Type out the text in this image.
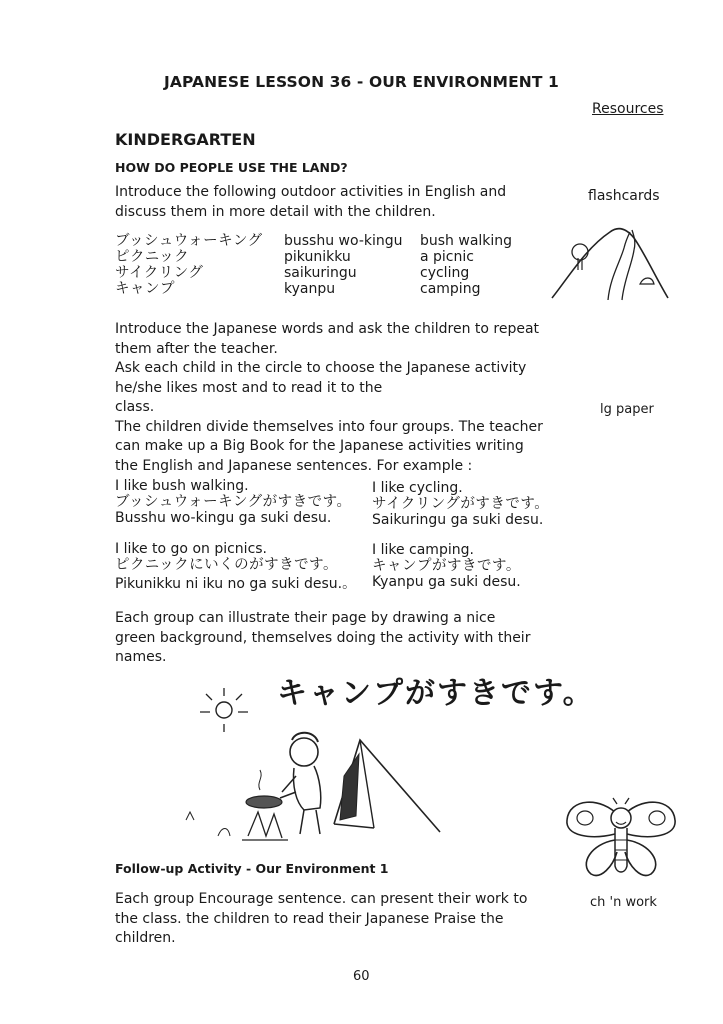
JAPANESE LESSON 36 - OUR ENVIRONMENT 1
Resources
KINDERGARTEN
HOW DO PEOPLE USE THE LAND?
Introduce the following outdoor activities in English and
discuss them in more detail with the children.
ブッシュウォーキング
ピクニック
サイクリング
キャンプ
busshu wo-kingu
pikunikku
saikuringu
kyanpu
bush walking
a picnic
cycling
camping
Introduce the Japanese words and ask the children to repeat
them after the teacher.
Ask each child in the circle to choose the Japanese activity
he/she likes most and to read it to the
class.
The children divide themselves into four groups. The teacher
can make up a Big Book for the Japanese activities writing
the English and Japanese sentences. For example :
I like bush walking.
ブッシュウォーキングがすきです。
Busshu wo-kingu ga suki desu.
I like cycling.
サイクリングがすきです。
Saikuringu ga suki desu.
I like to go on picnics.
ピクニックにいくのがすきです。
Pikunikku ni iku no ga suki desu.。
I like camping.
キャンプがすきです。
Kyanpu ga suki desu.
Each group can illustrate their page by drawing a nice
green background, themselves doing the activity with their
names.
キャンプがすきです。
Follow-up Activity - Our Environment 1
Each group Encourage sentence. can present their work to
the class. the children to read their Japanese Praise the
children.
flashcards
lg paper
ch 'n work
60
